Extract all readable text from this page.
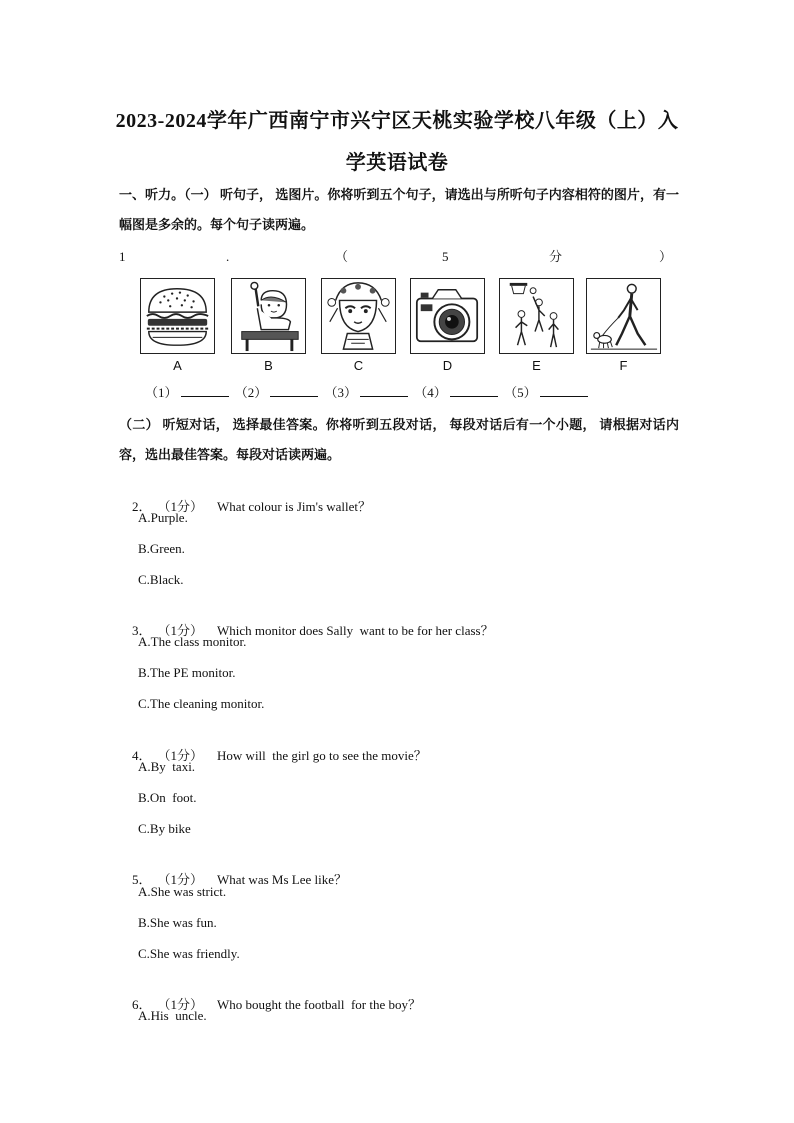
2023-2024学年广西南宁市兴宁区天桃实验学校八年级（上）入
学英语试卷
一、听力。（一） 听句子， 选图片。你将听到五个句子，请选出与所听句子内容相符的图片，有一幅图是多余的。每个句子读两遍。
1	.	（	5	分	）
A	B	C	D	E	F
（1）	（2）	（3）	（4）	（5）
（二） 听短对话， 选择最佳答案。你将听到五段对话， 每段对话后有一个小题， 请根据对话内容，选出最佳答案。每段对话读两遍。

2． （1分） What colour is Jim's wallet？

A.Purple.
B.Green.
C.Black.

3． （1分） Which monitor does Sally  want to be for her class？

A.The class monitor.
B.The PE monitor.
C.The cleaning monitor.

4． （1分） How will  the girl go to see the movie？

A.By  taxi.
B.On  foot.
C.By bike

5． （1分） What was Ms Lee like？

A.She was strict.
B.She was fun.
C.She was friendly.

6． （1分） Who bought the football  for the boy？

A.His  uncle.
